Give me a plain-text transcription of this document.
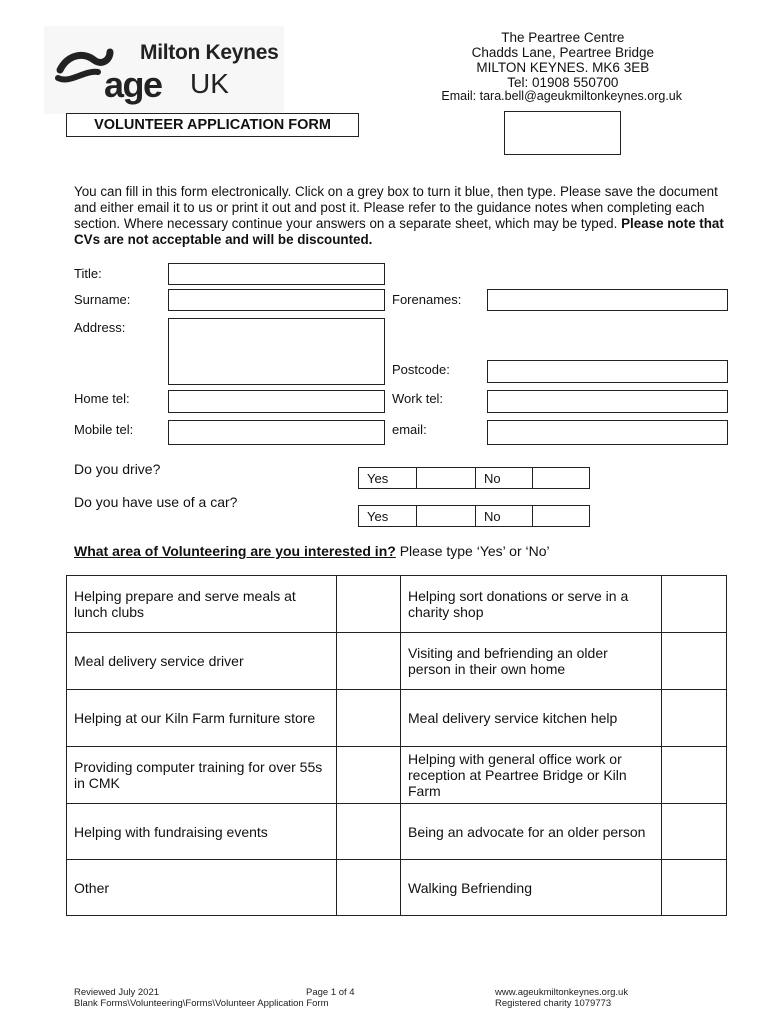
Milton Keynes
age UK
The Peartree Centre
Chadds Lane, Peartree Bridge
MILTON KEYNES. MK6 3EB
Tel: 01908 550700
Email: tara.bell@ageukmiltonkeynes.org.uk
VOLUNTEER APPLICATION FORM
You can fill in this form electronically. Click on a grey box to turn it blue, then type. Please save the document and either email it to us or print it out and post it. Please refer to the guidance notes when completing each section. Where necessary continue your answers on a separate sheet, which may be typed. Please note that CVs are not acceptable and will be discounted.
Title:
Surname:	Forenames:
Address:
Postcode:
Home tel:	Work tel:
Mobile tel:	email:
Do you drive?
Yes	No
Do you have use of a car?
Yes	No
What area of Volunteering are you interested in? Please type ‘Yes’ or ‘No’
Helping prepare and serve meals at lunch clubs		Helping sort donations or serve in a charity shop	
Meal delivery service driver		Visiting and befriending an older person in their own home	
Helping at our Kiln Farm furniture store		Meal delivery service kitchen help	
Providing computer training for over 55s in CMK		Helping with general office work or reception at Peartree Bridge or Kiln Farm	
Helping with fundraising events		Being an advocate for an older person	
Other		Walking Befriending	
Reviewed July 2021
Blank Forms\Volunteering\Forms\Volunteer Application Form
Page 1 of 4	www.ageukmiltonkeynes.org.uk
Registered charity 1079773
